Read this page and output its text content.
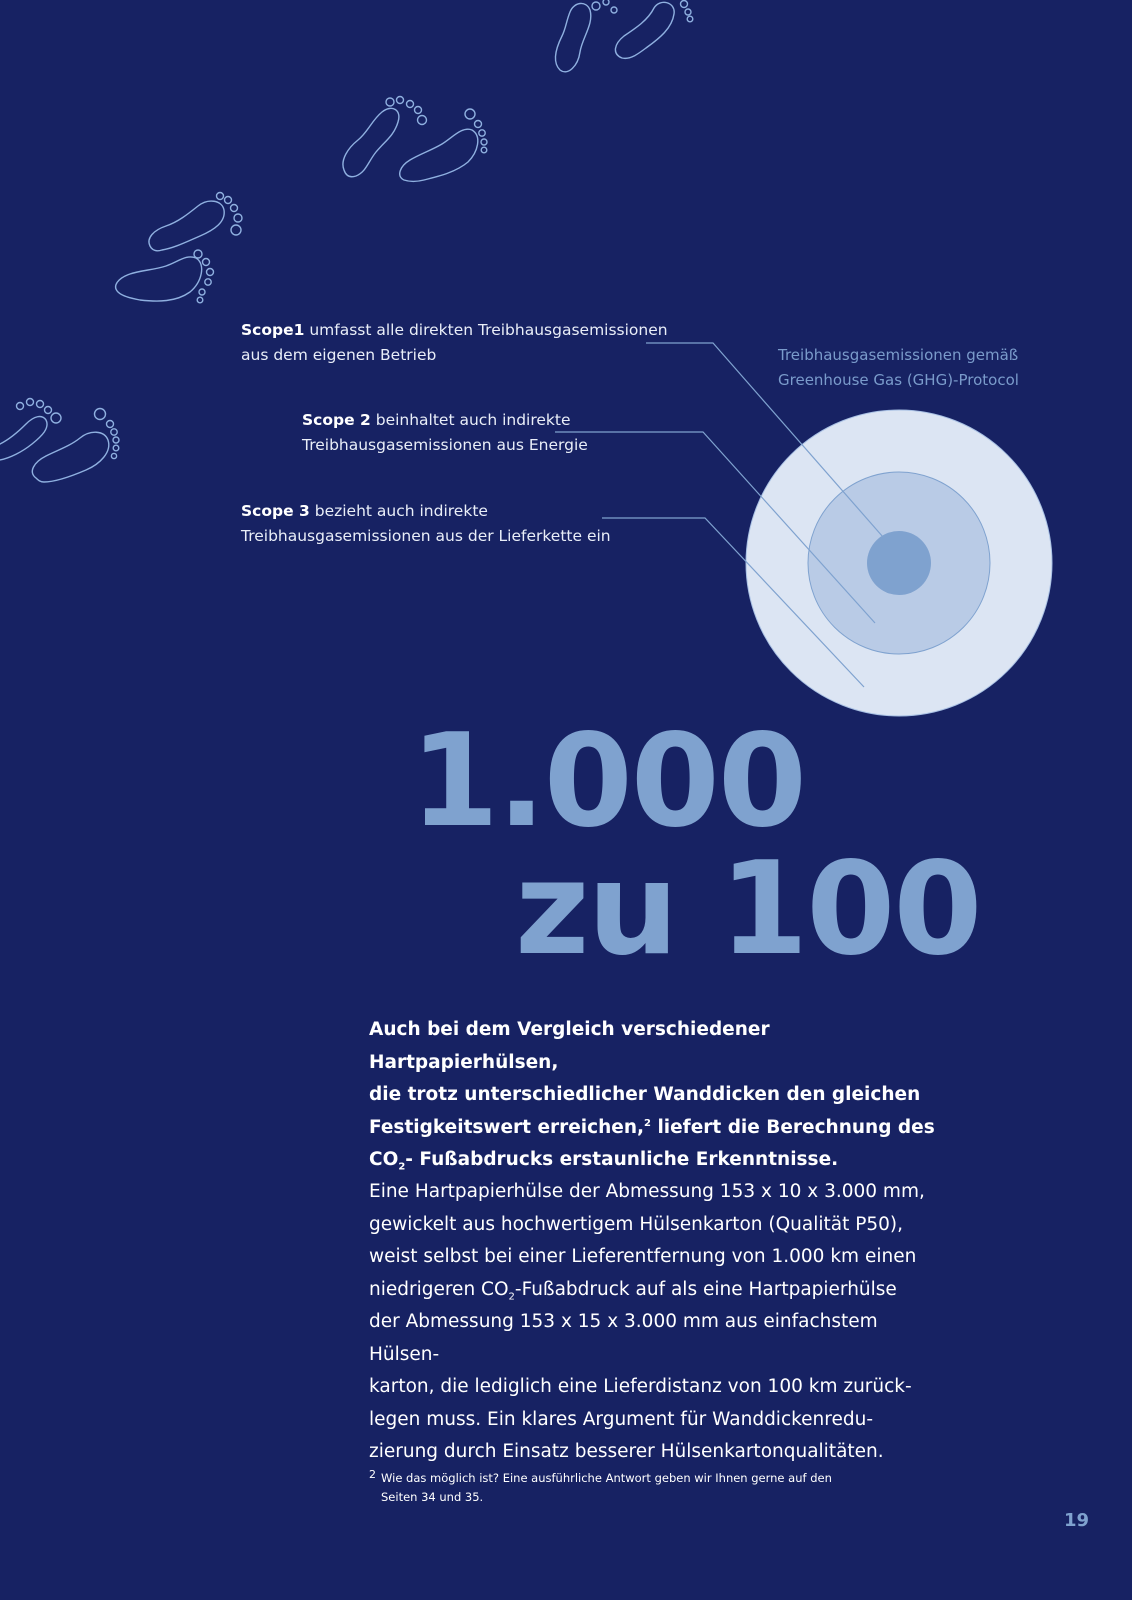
Treibhausgasemissionen gemäß
Greenhouse Gas (GHG)-Protocol
Scope1 umfasst alle direkten Treibhausgasemissionen
aus dem eigenen Betrieb
Scope 2 beinhaltet auch indirekte
Treibhausgasemissionen aus Energie
Scope 3 bezieht auch indirekte
Treibhausgasemissionen aus der Lieferkette ein
1.000
zu 100
Auch bei dem Vergleich verschiedener Hartpapierhülsen,
die trotz unterschiedlicher Wanddicken den gleichen
Festigkeitswert erreichen,$^2$ liefert die Berechnung des
$CO_2-$ Fußabdrucks erstaunliche Erkenntnisse.
Eine Hartpapierhülse der Abmessung 153 x 10 x 3.000 mm,
gewickelt aus hochwertigem Hülsenkarton (Qualität P50),
weist selbst bei einer Lieferentfernung von 1.000 km einen
niedrigeren $CO_2$-Fußabdruck auf als eine Hartpapierhülse
der Abmessung 153 x 15 x 3.000 mm aus einfachstem Hülsen-
karton, die lediglich eine Lieferdistanz von 100 km zurück-
legen muss. Ein klares Argument für Wanddickenredu-
zierung durch Einsatz besserer Hülsenkartonqualitäten.
2 Wie das möglich ist? Eine ausführliche Antwort geben wir Ihnen gerne auf den
Seiten 34 und 35.
19
